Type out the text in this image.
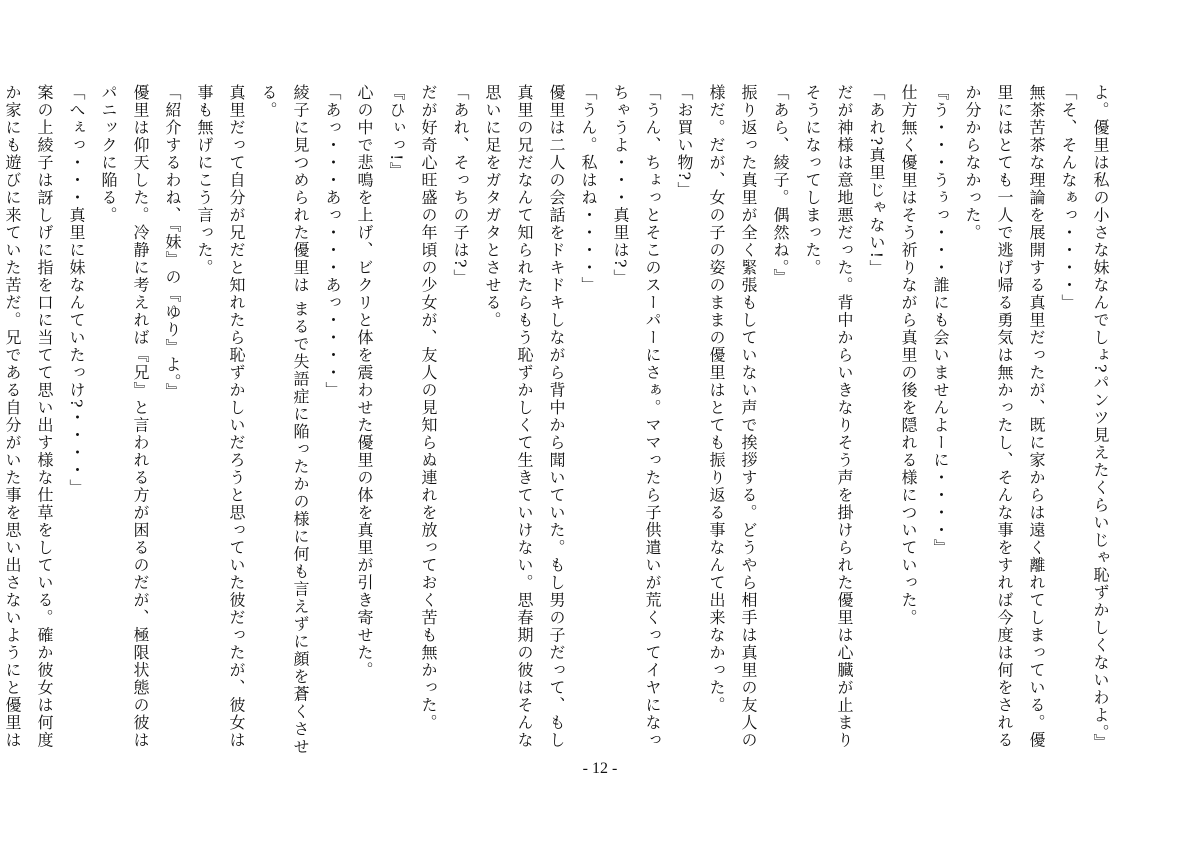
よ。優里は私の小さな妹なんでしょ?パンツ見えたくらいじゃ恥ずかしくないわよ。』

「そ、そんなぁっ・・・・」

無茶苦茶な理論を展開する真里だったが、既に家からは遠く離れてしまっている。優里にはとても一人で逃げ帰る勇気は無かったし、そんな事をすれば今度は何をされるか分からなかった。

『う・・・うぅっ・・・誰にも会いませんよーに・・・・』

仕方無く優里はそう祈りながら真里の後を隠れる様についていった。

「あれ?真里じゃない!」

だが神様は意地悪だった。背中からいきなりそう声を掛けられた優里は心臓が止まりそうになってしまった。

「あら、綾子。偶然ね。』

振り返った真里が全く緊張もしていない声で挨拶する。どうやら相手は真里の友人の様だ。だが、女の子の姿のままの優里はとても振り返る事なんて出来なかった。

「お買い物?」

「うん、ちょっとそこのスーパーにさぁ。ママったら子供遣いが荒くってイヤになっちゃうよ・・・真里は?」

「うん。私はね・・・・」

優里は二人の会話をドキドキしながら背中から聞いていた。もし男の子だって、もし真里の兄だなんて知られたらもう恥ずかしくて生きていけない。思春期の彼はそんな思いに足をガタガタとさせる。

「あれ、そっちの子は?」

だが好奇心旺盛の年頃の少女が、友人の見知らぬ連れを放っておく苦も無かった。

『ひぃっ!』

心の中で悲鳴を上げ、ビクリと体を震わせた優里の体を真里が引き寄せた。

「あっ・・・あっ・・・あっ・・・・」

綾子に見つめられた優里は まるで失語症に陥ったかの様に何も言えずに顔を蒼くさせる。

真里だって自分が兄だと知れたら恥ずかしいだろうと思っていた彼だったが、彼女は事も無げにこう言った。

「紹介するわね、『妹』の『ゆり』よ。』

優里は仰天した。冷静に考えれば『兄』と言われる方が困るのだが、極限状態の彼はパニックに陥る。

「へぇっ・・・真里に妹なんていたっけ?・・・・」

案の上綾子は訝しげに指を口に当てて思い出す様な仕草をしている。確か彼女は何度か家にも遊びに来ていた苦だ。兄である自分がいた事を思い出さないようにと優里は

- 12 -
